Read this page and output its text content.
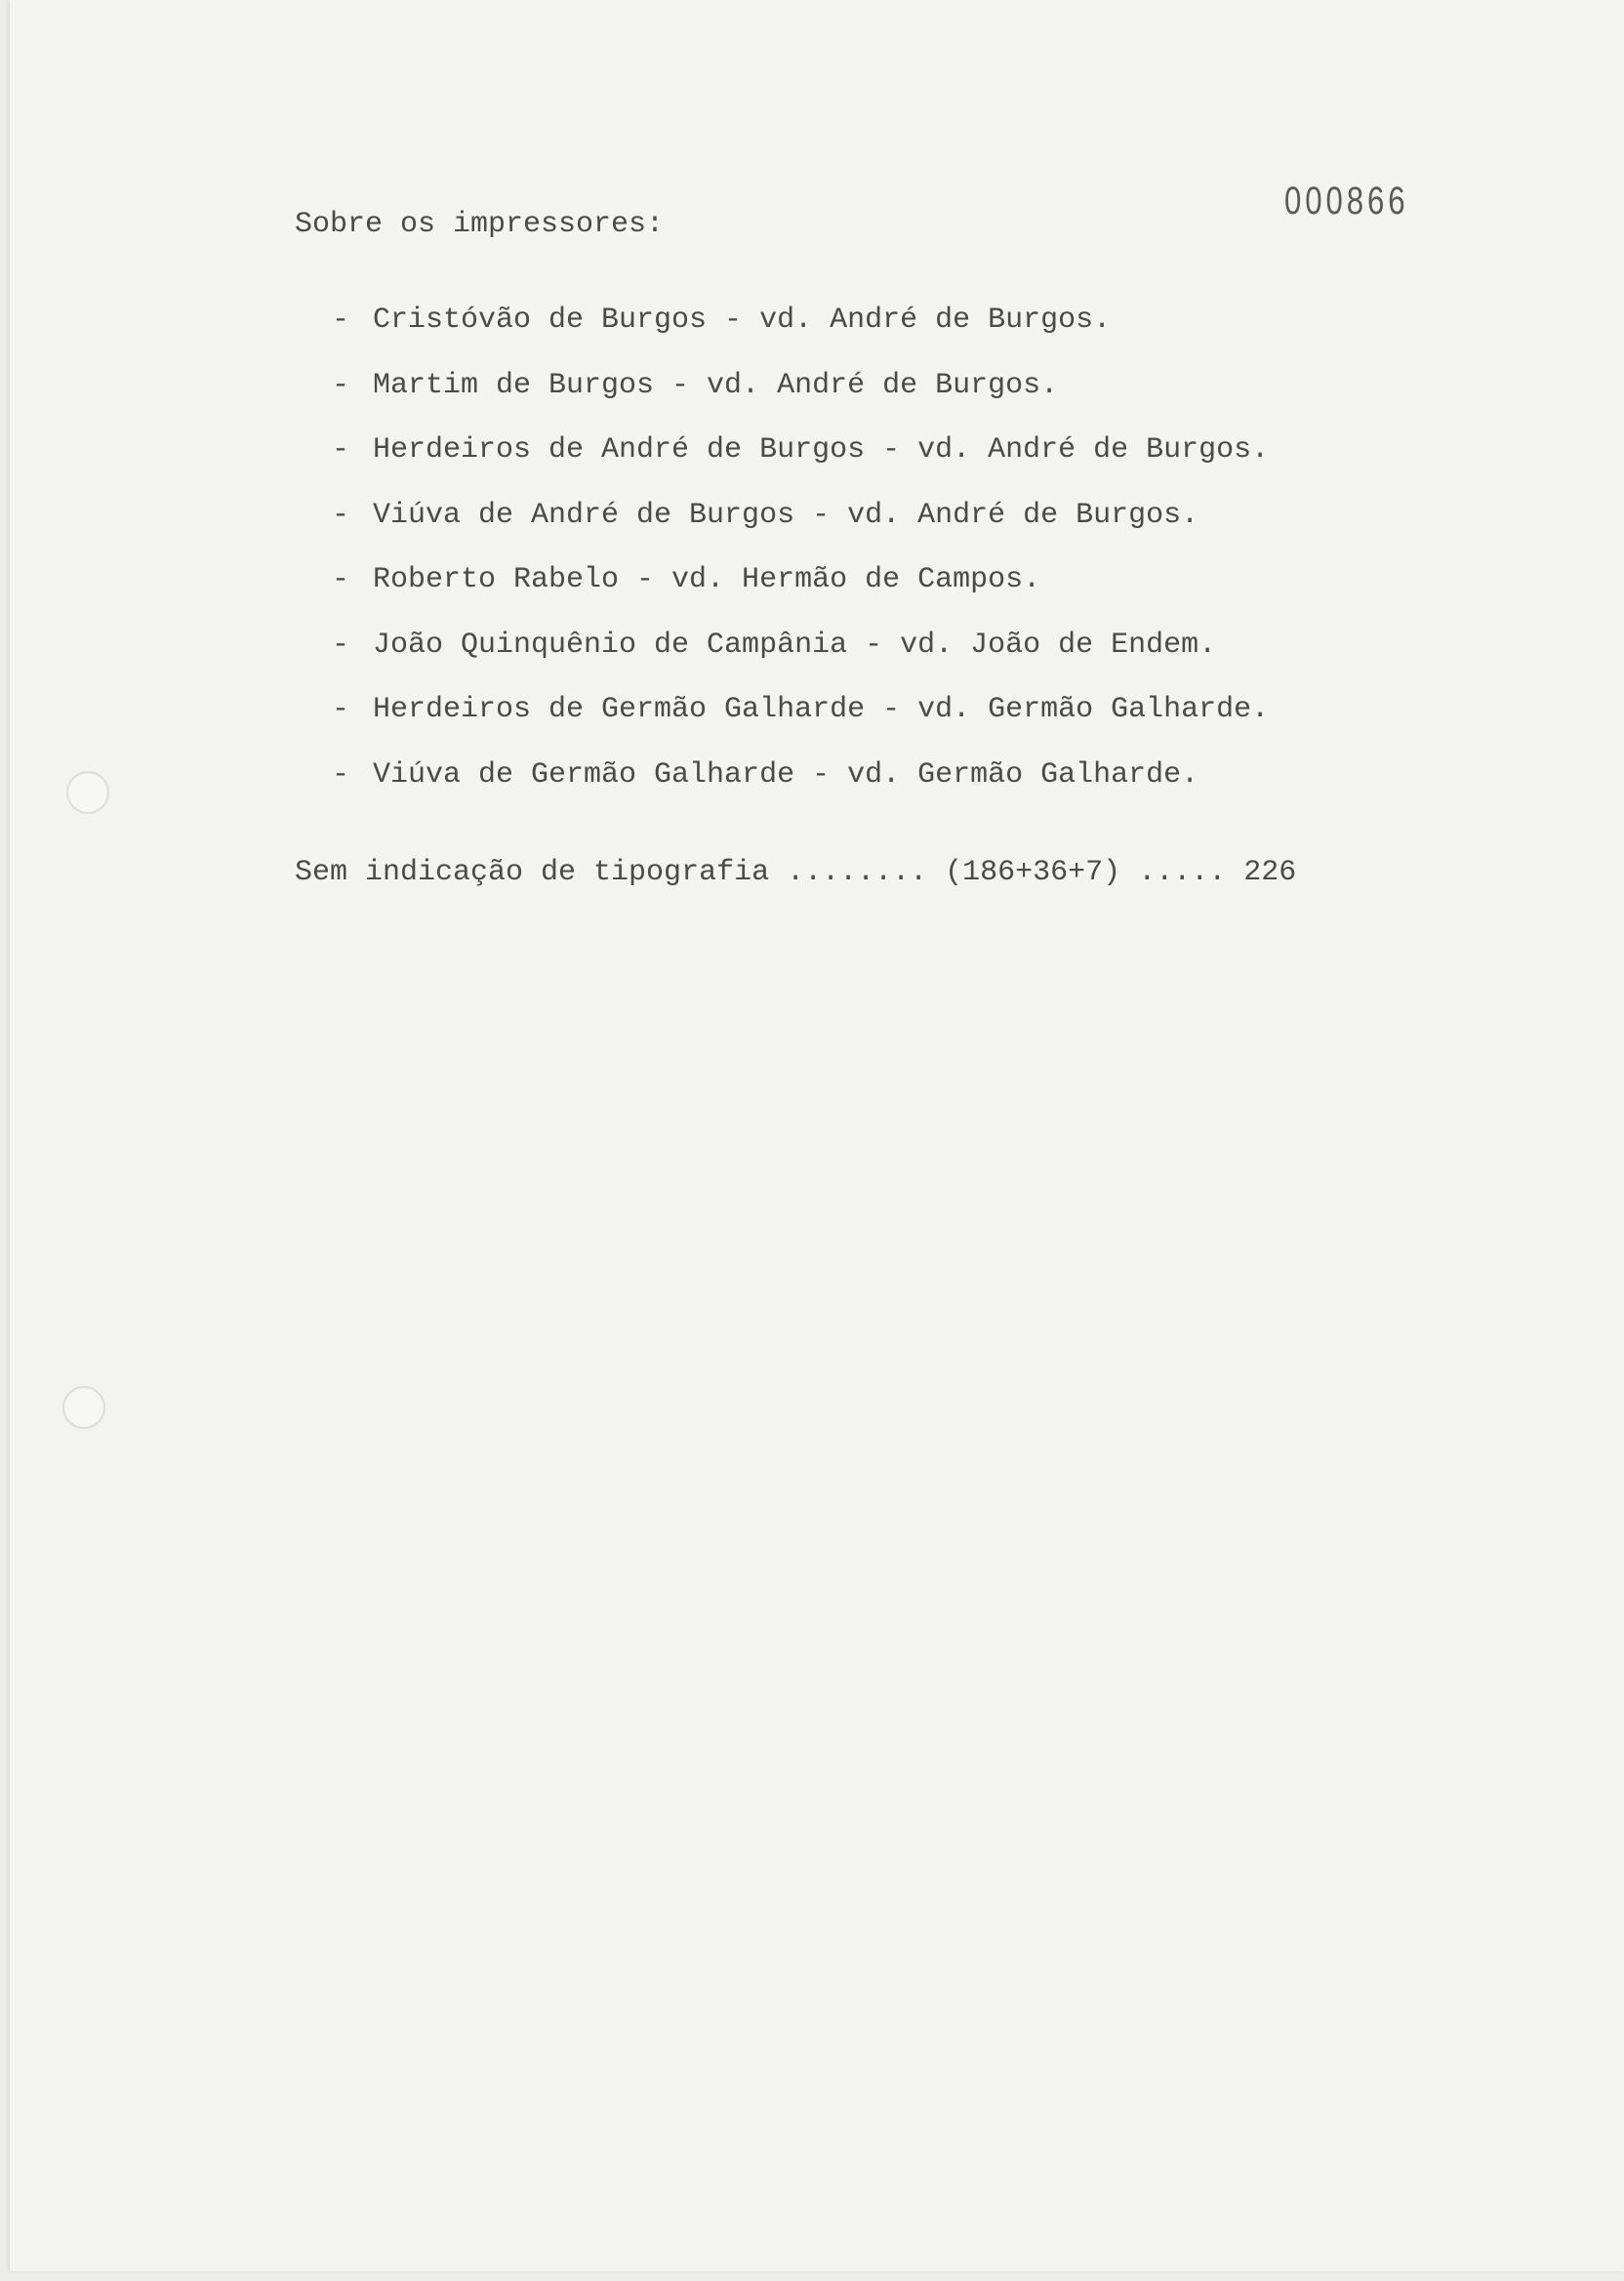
000866
Sobre os impressores:
- Cristóvão de Burgos - vd. André de Burgos.
- Martim de Burgos - vd. André de Burgos.
- Herdeiros de André de Burgos - vd. André de Burgos.
- Viúva de André de Burgos - vd. André de Burgos.
- Roberto Rabelo - vd. Hermão de Campos.
- João Quinquênio de Campânia - vd. João de Endem.
- Herdeiros de Germão Galharde - vd. Germão Galharde.
- Viúva de Germão Galharde - vd. Germão Galharde.
Sem indicação de tipografia ........ (186+36+7) ..... 226
